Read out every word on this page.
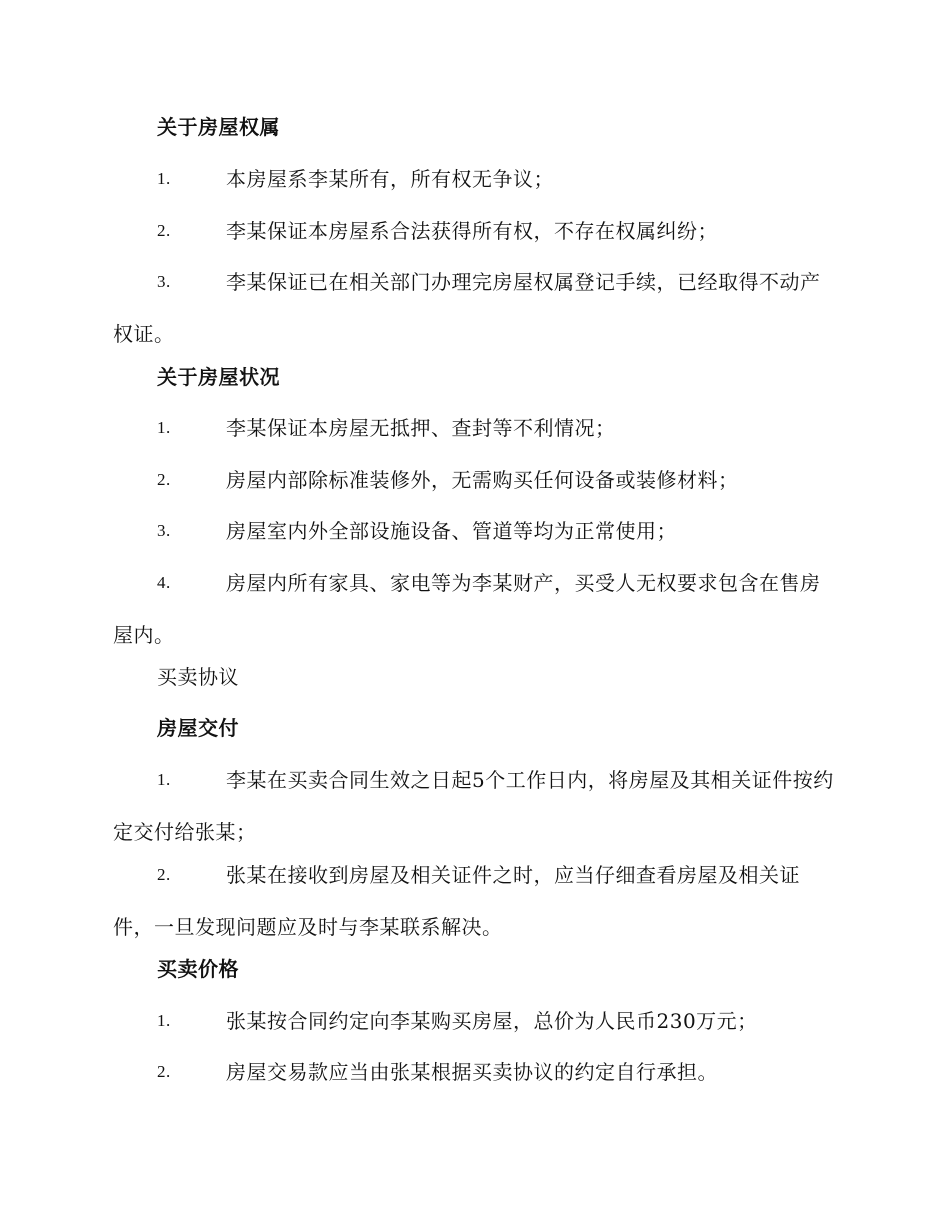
关于房屋权属
1.	本房屋系李某所有，所有权无争议；
2.	李某保证本房屋系合法获得所有权，不存在权属纠纷；
3.	李某保证已在相关部门办理完房屋权属登记手续，已经取得不动产权证。
关于房屋状况
1.	李某保证本房屋无抵押、查封等不利情况；
2.	房屋内部除标准装修外，无需购买任何设备或装修材料；
3.	房屋室内外全部设施设备、管道等均为正常使用；
4.	房屋内所有家具、家电等为李某财产，买受人无权要求包含在售房屋内。
买卖协议
房屋交付
1.	李某在买卖合同生效之日起5个工作日内，将房屋及其相关证件按约定交付给张某；
2.	张某在接收到房屋及相关证件之时，应当仔细查看房屋及相关证件，一旦发现问题应及时与李某联系解决。
买卖价格
1.	张某按合同约定向李某购买房屋，总价为人民币230万元；
2.	房屋交易款应当由张某根据买卖协议的约定自行承担。
